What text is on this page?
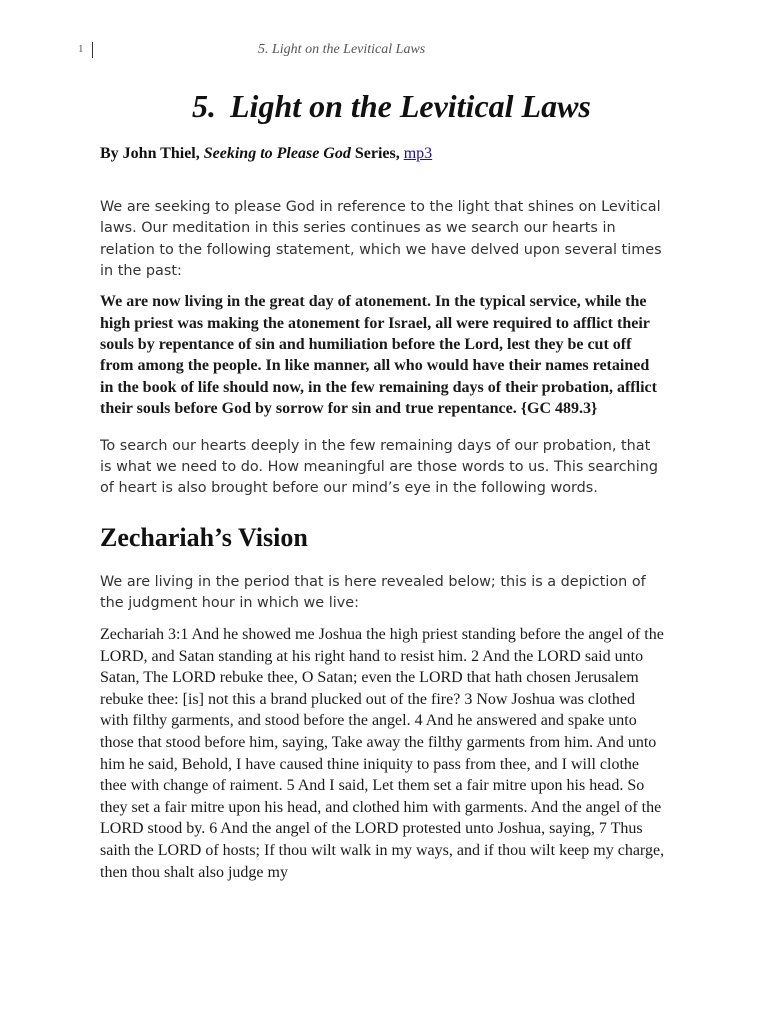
1	5. Light on the Levitical Laws
5. Light on the Levitical Laws
By John Thiel, Seeking to Please God Series, mp3

We are seeking to please God in reference to the light that shines on Levitical laws. Our meditation in this series continues as we search our hearts in relation to the following statement, which we have delved upon several times in the past:

We are now living in the great day of atonement. In the typical service, while the high priest was making the atonement for Israel, all were required to afflict their souls by repentance of sin and humiliation before the Lord, lest they be cut off from among the people. In like manner, all who would have their names retained in the book of life should now, in the few remaining days of their probation, afflict their souls before God by sorrow for sin and true repentance. {GC 489.3}

To search our hearts deeply in the few remaining days of our probation, that is what we need to do. How meaningful are those words to us. This searching of heart is also brought before our mind’s eye in the following words.

Zechariah’s Vision

We are living in the period that is here revealed below; this is a depiction of the judgment hour in which we live:

Zechariah 3:1 And he showed me Joshua the high priest standing before the angel of the LORD, and Satan standing at his right hand to resist him. 2 And the LORD said unto Satan, The LORD rebuke thee, O Satan; even the LORD that hath chosen Jerusalem rebuke thee: [is] not this a brand plucked out of the fire? 3 Now Joshua was clothed with filthy garments, and stood before the angel. 4 And he answered and spake unto those that stood before him, saying, Take away the filthy garments from him. And unto him he said, Behold, I have caused thine iniquity to pass from thee, and I will clothe thee with change of raiment. 5 And I said, Let them set a fair mitre upon his head. So they set a fair mitre upon his head, and clothed him with garments. And the angel of the LORD stood by. 6 And the angel of the LORD protested unto Joshua, saying, 7 Thus saith the LORD of hosts; If thou wilt walk in my ways, and if thou wilt keep my charge, then thou shalt also judge my
